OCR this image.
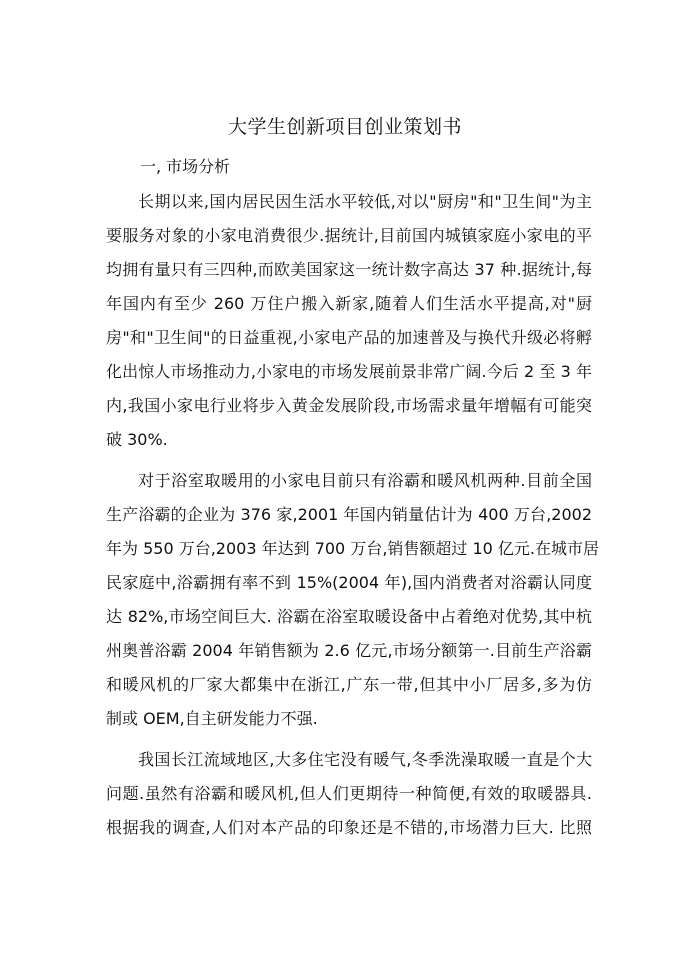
大学生创新项目创业策划书
一, 市场分析
长期以来,国内居民因生活水平较低,对以"厨房"和"卫生间"为主
要服务对象的小家电消费很少.据统计,目前国内城镇家庭小家电的平
均拥有量只有三四种,而欧美国家这一统计数字高达 37 种.据统计,每
年国内有至少 260 万住户搬入新家,随着人们生活水平提高,对"厨
房"和"卫生间"的日益重视,小家电产品的加速普及与换代升级必将孵
化出惊人市场推动力,小家电的市场发展前景非常广阔.今后 2 至 3 年
内,我国小家电行业将步入黄金发展阶段,市场需求量年增幅有可能突
破 30%.
对于浴室取暖用的小家电目前只有浴霸和暖风机两种.目前全国
生产浴霸的企业为 376 家,2001 年国内销量估计为 400 万台,2002
年为 550 万台,2003 年达到 700 万台,销售额超过 10 亿元.在城市居
民家庭中,浴霸拥有率不到 15%(2004 年),国内消费者对浴霸认同度
达 82%,市场空间巨大. 浴霸在浴室取暖设备中占着绝对优势,其中杭
州奥普浴霸 2004 年销售额为 2.6 亿元,市场分额第一.目前生产浴霸
和暖风机的厂家大都集中在浙江,广东一带,但其中小厂居多,多为仿
制或 OEM,自主研发能力不强.
我国长江流域地区,大多住宅没有暖气,冬季洗澡取暖一直是个大
问题.虽然有浴霸和暖风机,但人们更期待一种简便,有效的取暖器具.
根据我的调查,人们对本产品的印象还是不错的,市场潜力巨大. 比照
